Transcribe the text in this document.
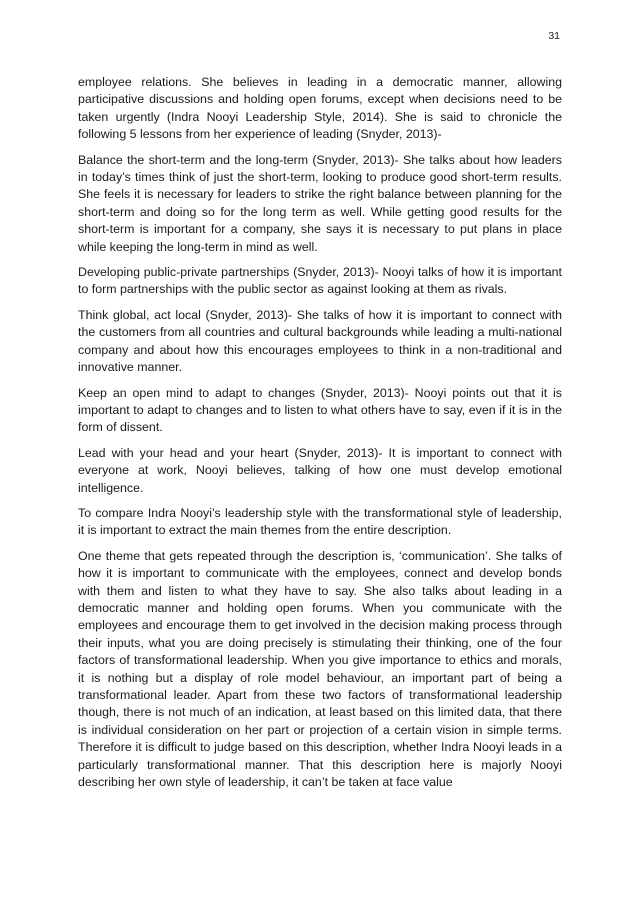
31

employee relations. She believes in leading in a democratic manner, allowing participative discussions and holding open forums, except when decisions need to be taken urgently (Indra Nooyi Leadership Style, 2014). She is said to chronicle the following 5 lessons from her experience of leading (Snyder, 2013)-

Balance the short-term and the long-term (Snyder, 2013)- She talks about how leaders in today’s times think of just the short-term, looking to produce good short-term results. She feels it is necessary for leaders to strike the right balance between planning for the short-term and doing so for the long term as well. While getting good results for the short-term is important for a company, she says it is necessary to put plans in place while keeping the long-term in mind as well.

Developing public-private partnerships (Snyder, 2013)- Nooyi talks of how it is important to form partnerships with the public sector as against looking at them as rivals.

Think global, act local (Snyder, 2013)- She talks of how it is important to connect with the customers from all countries and cultural backgrounds while leading a multi-national company and about how this encourages employees to think in a non-traditional and innovative manner.

Keep an open mind to adapt to changes (Snyder, 2013)- Nooyi points out that it is important to adapt to changes and to listen to what others have to say, even if it is in the form of dissent.

Lead with your head and your heart (Snyder, 2013)- It is important to connect with everyone at work, Nooyi believes, talking of how one must develop emotional intelligence.

To compare Indra Nooyi’s leadership style with the transformational style of leadership, it is important to extract the main themes from the entire description.

One theme that gets repeated through the description is, ‘communication’. She talks of how it is important to communicate with the employees, connect and develop bonds with them and listen to what they have to say. She also talks about leading in a democratic manner and holding open forums. When you communicate with the employees and encourage them to get involved in the decision making process through their inputs, what you are doing precisely is stimulating their thinking, one of the four factors of transformational leadership. When you give importance to ethics and morals, it is nothing but a display of role model behaviour, an important part of being a transformational leader. Apart from these two factors of transformational leadership though, there is not much of an indication, at least based on this limited data, that there is individual consideration on her part or projection of a certain vision in simple terms. Therefore it is difficult to judge based on this description, whether Indra Nooyi leads in a particularly transformational manner. That this description here is majorly Nooyi describing her own style of leadership, it can’t be taken at face value
